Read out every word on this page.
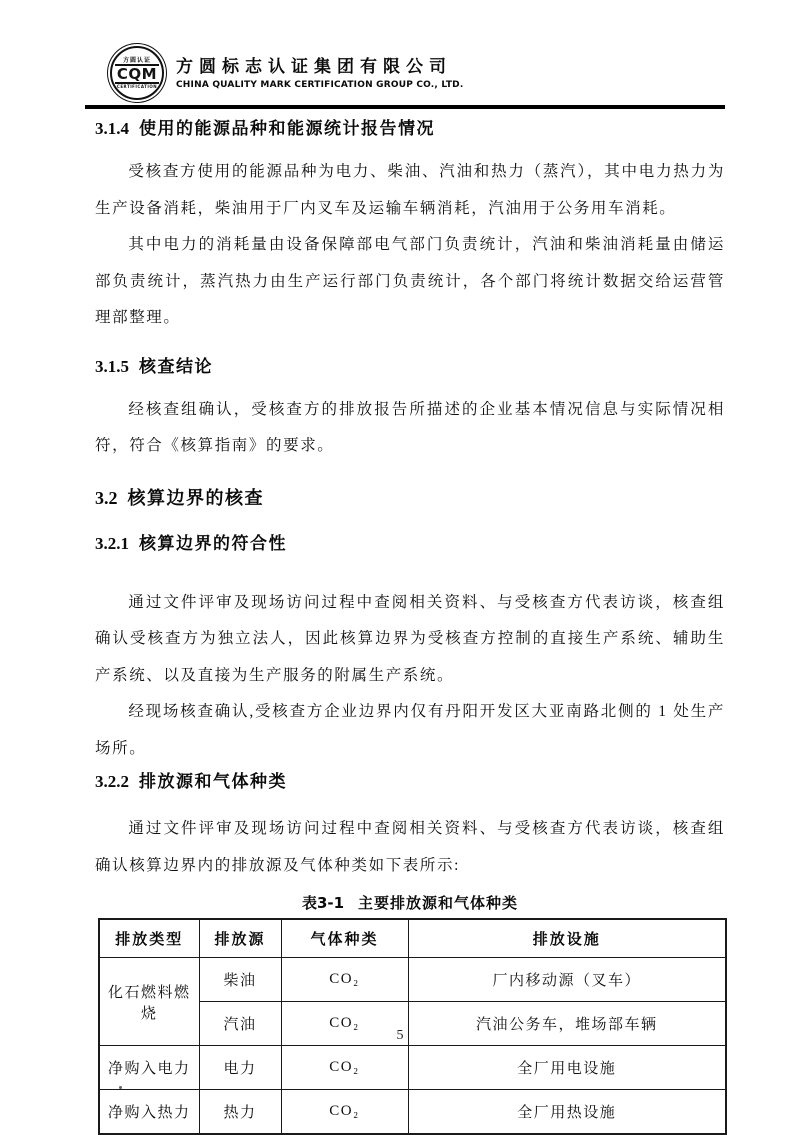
方圆认证
CQM
CERTIFICATION
方圆标志认证集团有限公司
CHINA QUALITY MARK CERTIFICATION GROUP CO., LTD.
3.1.4 使用的能源品种和能源统计报告情况

受核查方使用的能源品种为电力、柴油、汽油和热力（蒸汽），其中电力热力为生产设备消耗，柴油用于厂内叉车及运输车辆消耗，汽油用于公务用车消耗。

其中电力的消耗量由设备保障部电气部门负责统计，汽油和柴油消耗量由储运部负责统计，蒸汽热力由生产运行部门负责统计，各个部门将统计数据交给运营管理部整理。

3.1.5 核查结论

经核查组确认，受核查方的排放报告所描述的企业基本情况信息与实际情况相符，符合《核算指南》的要求。

3.2 核算边界的核查
3.2.1 核算边界的符合性

通过文件评审及现场访问过程中查阅相关资料、与受核查方代表访谈，核查组确认受核查方为独立法人，因此核算边界为受核查方控制的直接生产系统、辅助生产系统、以及直接为生产服务的附属生产系统。

经现场核查确认,受核查方企业边界内仅有丹阳开发区大亚南路北侧的 1 处生产场所。

3.2.2 排放源和气体种类

通过文件评审及现场访问过程中查阅相关资料、与受核查方代表访谈，核查组确认核算边界内的排放源及气体种类如下表所示:

表3-1 主要排放源和气体种类
排放类型	排放源	气体种类	排放设施
化石燃料燃烧	柴油	CO₂	厂内移动源（叉车）
	汽油	CO₂	汽油公务车，堆场部车辆
净购入电力	电力	CO₂	全厂用电设施
净购入热力	热力	CO₂	全厂用热设施
5
